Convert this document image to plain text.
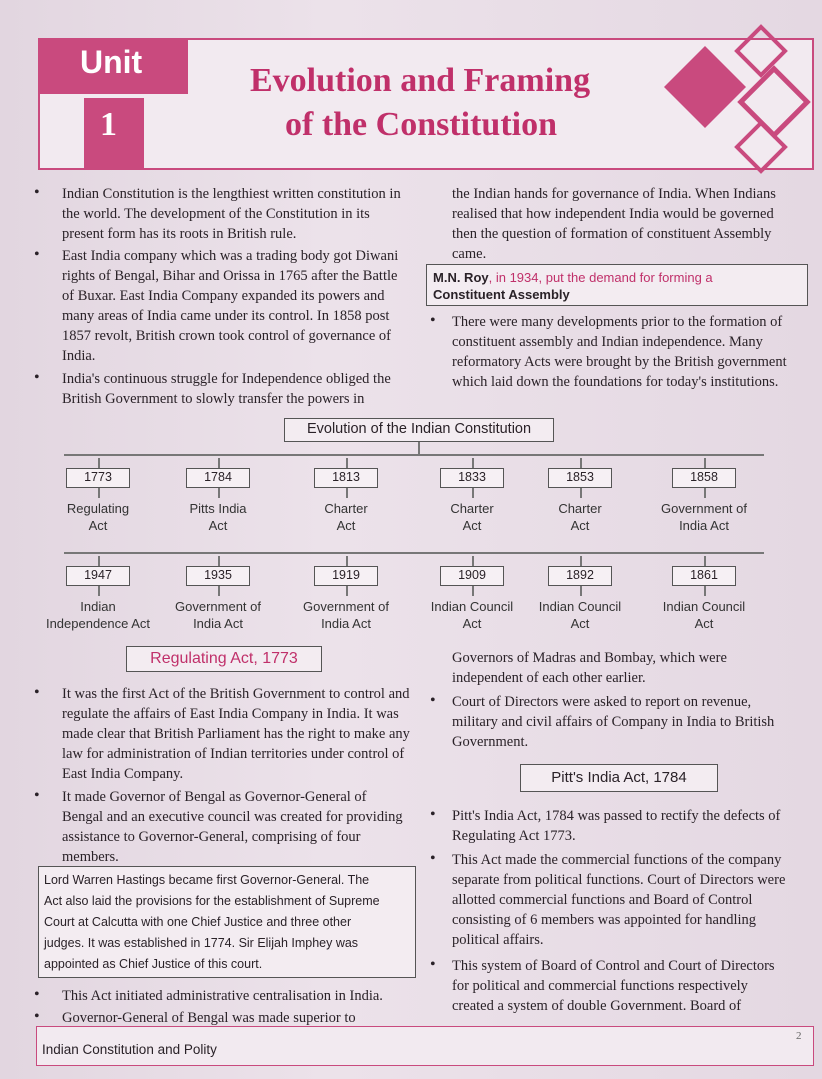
Unit
1
Evolution and Framing
of the Constitution
• Indian Constitution is the lengthiest written constitution in the world. The development of the Constitution in its present form has its roots in British rule.
• East India company which was a trading body got Diwani rights of Bengal, Bihar and Orissa in 1765 after the Battle of Buxar. East India Company expanded its powers and many areas of India came under its control. In 1858 post 1857 revolt, British crown took control of governance of India.
• India's continuous struggle for Independence obliged the British Government to slowly transfer the powers in
the Indian hands for governance of India. When Indians realised that how independent India would be governed then the question of formation of constituent Assembly came.
M.N. Roy, in 1934, put the demand for forming a
Constituent Assembly
• There were many developments prior to the formation of constituent assembly and Indian independence. Many reformatory Acts were brought by the British government which laid down the foundations for today's institutions.
Evolution of the Indian Constitution
1773
Regulating
Act
1784
Pitts India
Act
1813
Charter
Act
1833
Charter
Act
1853
Charter
Act
1858
Government of
India Act
1947
Indian
Independence Act
1935
Government of
India Act
1919
Government of
India Act
1909
Indian Council
Act
1892
Indian Council
Act
1861
Indian Council
Act
Regulating Act, 1773
• It was the first Act of the British Government to control and regulate the affairs of East India Company in India. It was made clear that British Parliament has the right to make any law for administration of Indian territories under control of East India Company.
• It made Governor of Bengal as Governor-General of Bengal and an executive council was created for providing assistance to Governor-General, comprising of four members.
Lord Warren Hastings became first Governor-General. The
Act also laid the provisions for the establishment of Supreme
Court at Calcutta with one Chief Justice and three other
judges. It was established in 1774. Sir Elijah Imphey was
appointed as Chief Justice of this court.
• This Act initiated administrative centralisation in India.
• Governor-General of Bengal was made superior to
Governors of Madras and Bombay, which were independent of each other earlier.
• Court of Directors were asked to report on revenue, military and civil affairs of Company in India to British Government.
Pitt's India Act, 1784
• Pitt's India Act, 1784 was passed to rectify the defects of Regulating Act 1773.
• This Act made the commercial functions of the company separate from political functions. Court of Directors were allotted commercial functions and Board of Control consisting of 6 members was appointed for handling political affairs.
• This system of Board of Control and Court of Directors for political and commercial functions respectively created a system of double Government. Board of
Indian Constitution and Polity
2
